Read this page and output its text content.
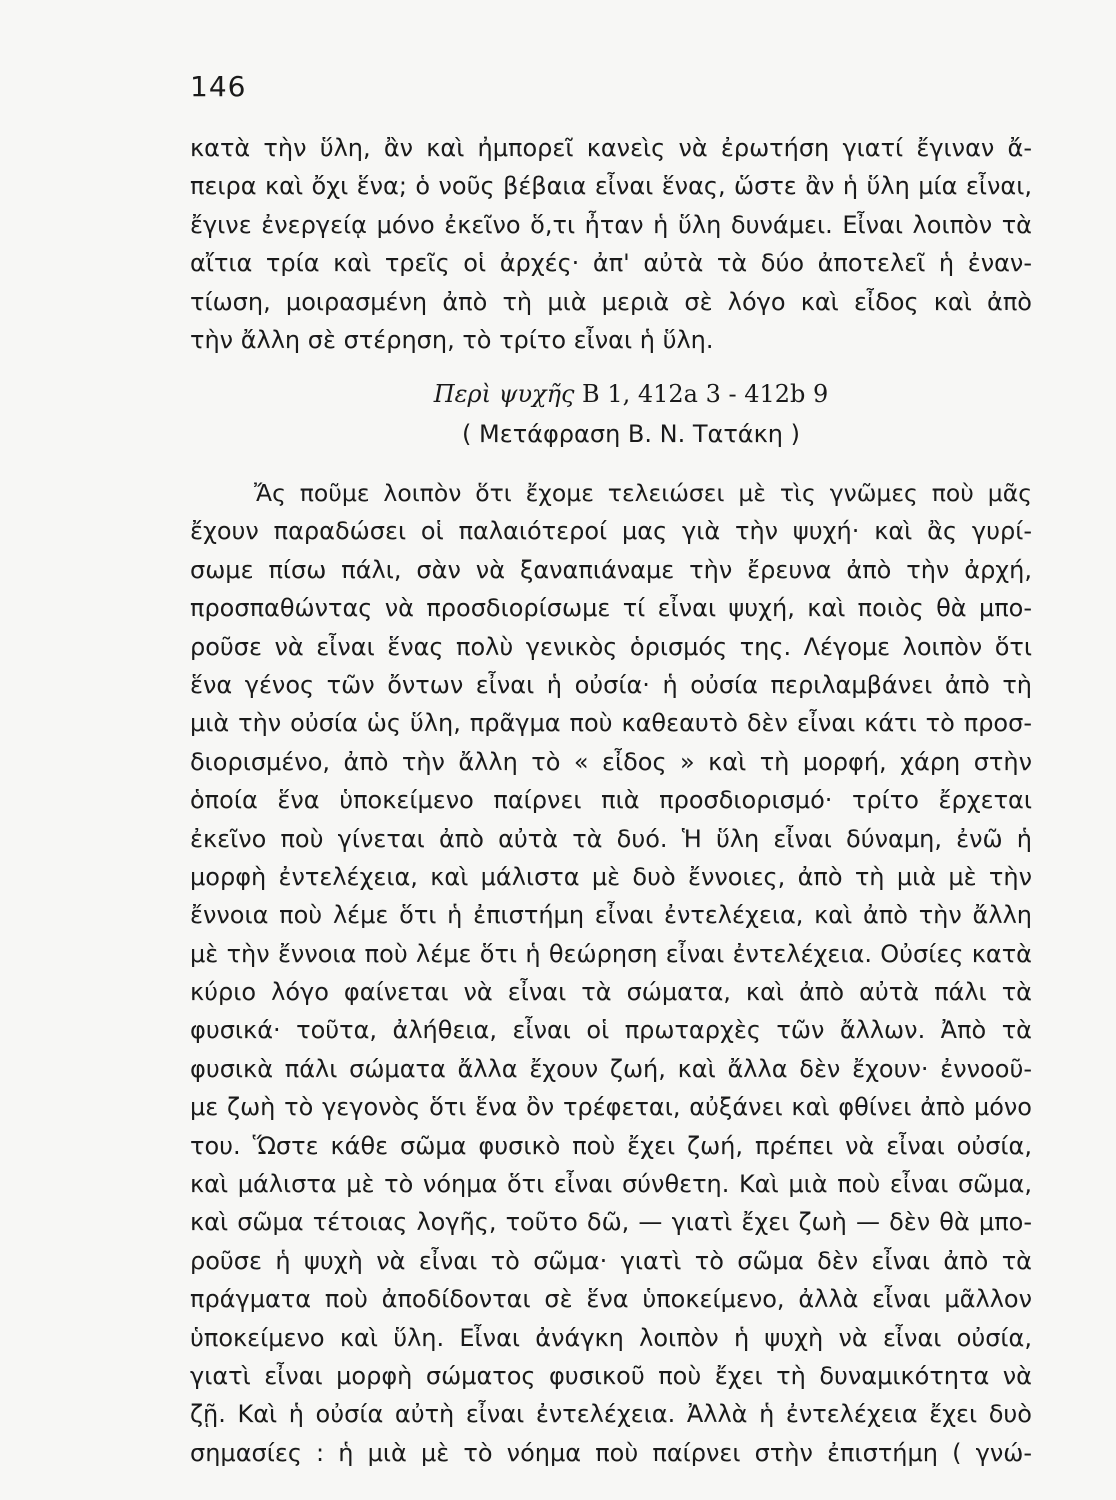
146
κατὰ τὴν ὕλη, ἂν καὶ ἠμπορεῖ κανεὶς νὰ ἐρωτήση γιατί ἔγιναν ἄ-
πειρα καὶ ὄχι ἕνα; ὁ νοῦς βέβαια εἶναι ἕνας, ὥστε ἂν ἡ ὕλη μία εἶναι,
ἔγινε ἐνεργείᾳ μόνο ἐκεῖνο ὅ,τι ἦταν ἡ ὕλη δυνάμει. Εἶναι λοιπὸν τὰ
αἴτια τρία καὶ τρεῖς οἱ ἀρχές· ἀπ' αὐτὰ τὰ δύο ἀποτελεῖ ἡ ἐναν-
τίωση, μοιρασμένη ἀπὸ τὴ μιὰ μεριὰ σὲ λόγο καὶ εἶδος καὶ ἀπὸ
τὴν ἄλλη σὲ στέρηση, τὸ τρίτο εἶναι ἡ ὕλη.
Περὶ ψυχῆς Β 1, 412a 3 - 412b 9
( Μετάφραση Β. Ν. Τατάκη )
Ἄς ποῦμε λοιπὸν ὅτι ἔχομε τελειώσει μὲ τὶς γνῶμες ποὺ μᾶς
ἔχουν παραδώσει οἱ παλαιότεροί μας γιὰ τὴν ψυχή· καὶ ἂς γυρί-
σωμε πίσω πάλι, σὰν νὰ ξαναπιάναμε τὴν ἔρευνα ἀπὸ τὴν ἀρχή,
προσπαθώντας νὰ προσδιορίσωμε τί εἶναι ψυχή, καὶ ποιὸς θὰ μπο-
ροῦσε νὰ εἶναι ἕνας πολὺ γενικὸς ὁρισμός της. Λέγομε λοιπὸν ὅτι
ἕνα γένος τῶν ὄντων εἶναι ἡ οὐσία· ἡ οὐσία περιλαμβάνει ἀπὸ τὴ
μιὰ τὴν οὐσία ὡς ὕλη, πρᾶγμα ποὺ καθεαυτὸ δὲν εἶναι κάτι τὸ προσ-
διορισμένο, ἀπὸ τὴν ἄλλη τὸ « εἶδος » καὶ τὴ μορφή, χάρη στὴν
ὁποία ἕνα ὑποκείμενο παίρνει πιὰ προσδιορισμό· τρίτο ἔρχεται
ἐκεῖνο ποὺ γίνεται ἀπὸ αὐτὰ τὰ δυό. Ἡ ὕλη εἶναι δύναμη, ἐνῶ ἡ
μορφὴ ἐντελέχεια, καὶ μάλιστα μὲ δυὸ ἔννοιες, ἀπὸ τὴ μιὰ μὲ τὴν
ἔννοια ποὺ λέμε ὅτι ἡ ἐπιστήμη εἶναι ἐντελέχεια, καὶ ἀπὸ τὴν ἄλλη
μὲ τὴν ἔννοια ποὺ λέμε ὅτι ἡ θεώρηση εἶναι ἐντελέχεια. Οὐσίες κατὰ
κύριο λόγο φαίνεται νὰ εἶναι τὰ σώματα, καὶ ἀπὸ αὐτὰ πάλι τὰ
φυσικά· τοῦτα, ἀλήθεια, εἶναι οἱ πρωταρχὲς τῶν ἄλλων. Ἀπὸ τὰ
φυσικὰ πάλι σώματα ἄλλα ἔχουν ζωή, καὶ ἄλλα δὲν ἔχουν· ἐννοοῦ-
με ζωὴ τὸ γεγονὸς ὅτι ἕνα ὂν τρέφεται, αὐξάνει καὶ φθίνει ἀπὸ μόνο
του. Ὥστε κάθε σῶμα φυσικὸ ποὺ ἔχει ζωή, πρέπει νὰ εἶναι οὐσία,
καὶ μάλιστα μὲ τὸ νόημα ὅτι εἶναι σύνθετη. Καὶ μιὰ ποὺ εἶναι σῶμα,
καὶ σῶμα τέτοιας λογῆς, τοῦτο δῶ, — γιατὶ ἔχει ζωὴ — δὲν θὰ μπο-
ροῦσε ἡ ψυχὴ νὰ εἶναι τὸ σῶμα· γιατὶ τὸ σῶμα δὲν εἶναι ἀπὸ τὰ
πράγματα ποὺ ἀποδίδονται σὲ ἕνα ὑποκείμενο, ἀλλὰ εἶναι μᾶλλον
ὑποκείμενο καὶ ὕλη. Εἶναι ἀνάγκη λοιπὸν ἡ ψυχὴ νὰ εἶναι οὐσία,
γιατὶ εἶναι μορφὴ σώματος φυσικοῦ ποὺ ἔχει τὴ δυναμικότητα νὰ
ζῇ. Καὶ ἡ οὐσία αὐτὴ εἶναι ἐντελέχεια. Ἀλλὰ ἡ ἐντελέχεια ἔχει δυὸ
σημασίες : ἡ μιὰ μὲ τὸ νόημα ποὺ παίρνει στὴν ἐπιστήμη ( γνώ-
